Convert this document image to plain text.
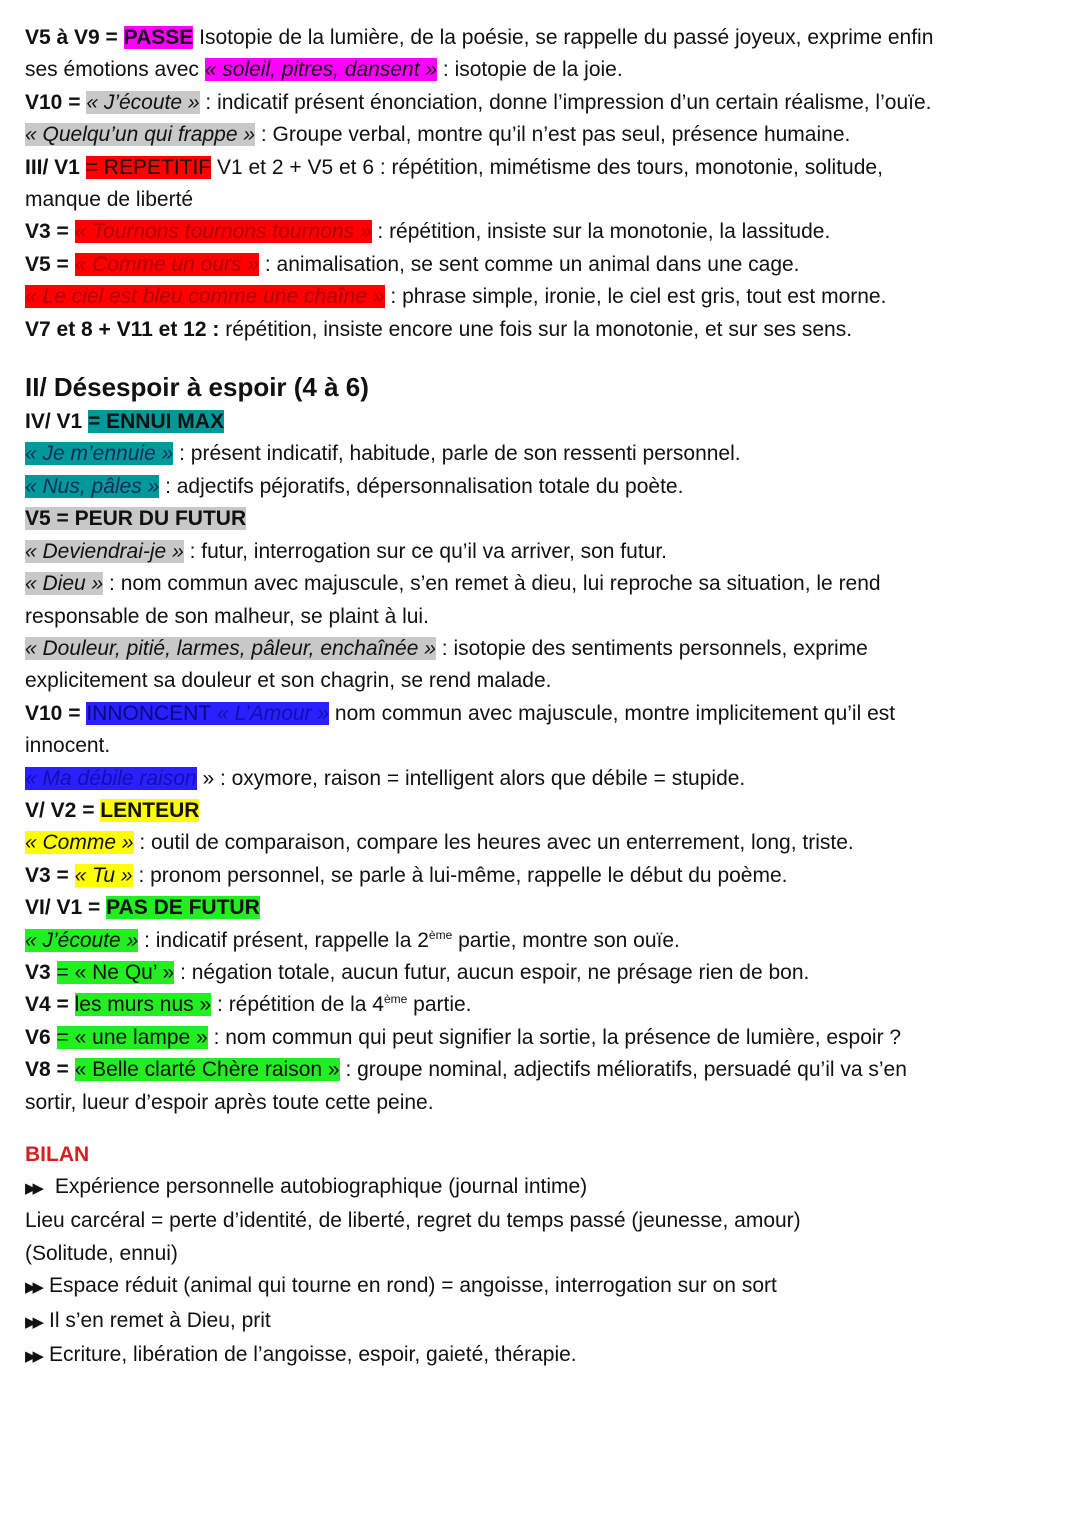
V5 à V9 = PASSE Isotopie de la lumière, de la poésie, se rappelle du passé joyeux, exprime enfin
ses émotions avec « soleil, pitres, dansent » : isotopie de la joie.
V10 = « J’écoute » : indicatif présent énonciation, donne l’impression d’un certain réalisme, l’ouïe.
« Quelqu’un qui frappe » : Groupe verbal, montre qu’il n’est pas seul, présence humaine.
III/ V1 = REPETITIF V1 et 2 + V5 et 6 : répétition, mimétisme des tours, monotonie, solitude,
manque de liberté
V3 = « Tournons tournons tournons » : répétition, insiste sur la monotonie, la lassitude.
V5 = « Comme un ours » : animalisation, se sent comme un animal dans une cage.
« Le ciel est bleu comme une chaîne » : phrase simple, ironie, le ciel est gris, tout est morne.
V7 et 8 + V11 et 12 : répétition, insiste encore une fois sur la monotonie, et sur ses sens.
II/ Désespoir à espoir (4 à 6)
IV/ V1 = ENNUI MAX
« Je m’ennuie » : présent indicatif, habitude, parle de son ressenti personnel.
« Nus, pâles » : adjectifs péjoratifs, dépersonnalisation totale du poète.
V5 = PEUR DU FUTUR
« Deviendrai-je » : futur, interrogation sur ce qu’il va arriver, son futur.
« Dieu » : nom commun avec majuscule, s’en remet à dieu, lui reproche sa situation, le rend
responsable de son malheur, se plaint à lui.
« Douleur, pitié, larmes, pâleur, enchaînée » : isotopie des sentiments personnels, exprime
explicitement sa douleur et son chagrin, se rend malade.
V10 = INNONCENT « L’Amour » nom commun avec majuscule, montre implicitement qu’il est
innocent.
« Ma débile raison » : oxymore, raison = intelligent alors que débile = stupide.
V/ V2 = LENTEUR
« Comme » : outil de comparaison, compare les heures avec un enterrement, long, triste.
V3 = « Tu » : pronom personnel, se parle à lui-même, rappelle le début du poème.
VI/ V1 = PAS DE FUTUR
« J’écoute » : indicatif présent, rappelle la 2ème partie, montre son ouïe.
V3 = « Ne Qu’ » : négation totale, aucun futur, aucun espoir, ne présage rien de bon.
V4 = les murs nus » : répétition de la 4ème partie.
V6 = « une lampe » : nom commun qui peut signifier la sortie, la présence de lumière, espoir ?
V8 = « Belle clarté Chère raison » : groupe nominal, adjectifs mélioratifs, persuadé qu’il va s’en
sortir, lueur d’espoir après toute cette peine.
BILAN
▶▶ Expérience personnelle autobiographique (journal intime)
Lieu carcéral = perte d’identité, de liberté, regret du temps passé (jeunesse, amour)
(Solitude, ennui)
▶▶ Espace réduit (animal qui tourne en rond) = angoisse, interrogation sur on sort
▶▶ Il s’en remet à Dieu, prit
▶▶ Ecriture, libération de l’angoisse, espoir, gaieté, thérapie.
